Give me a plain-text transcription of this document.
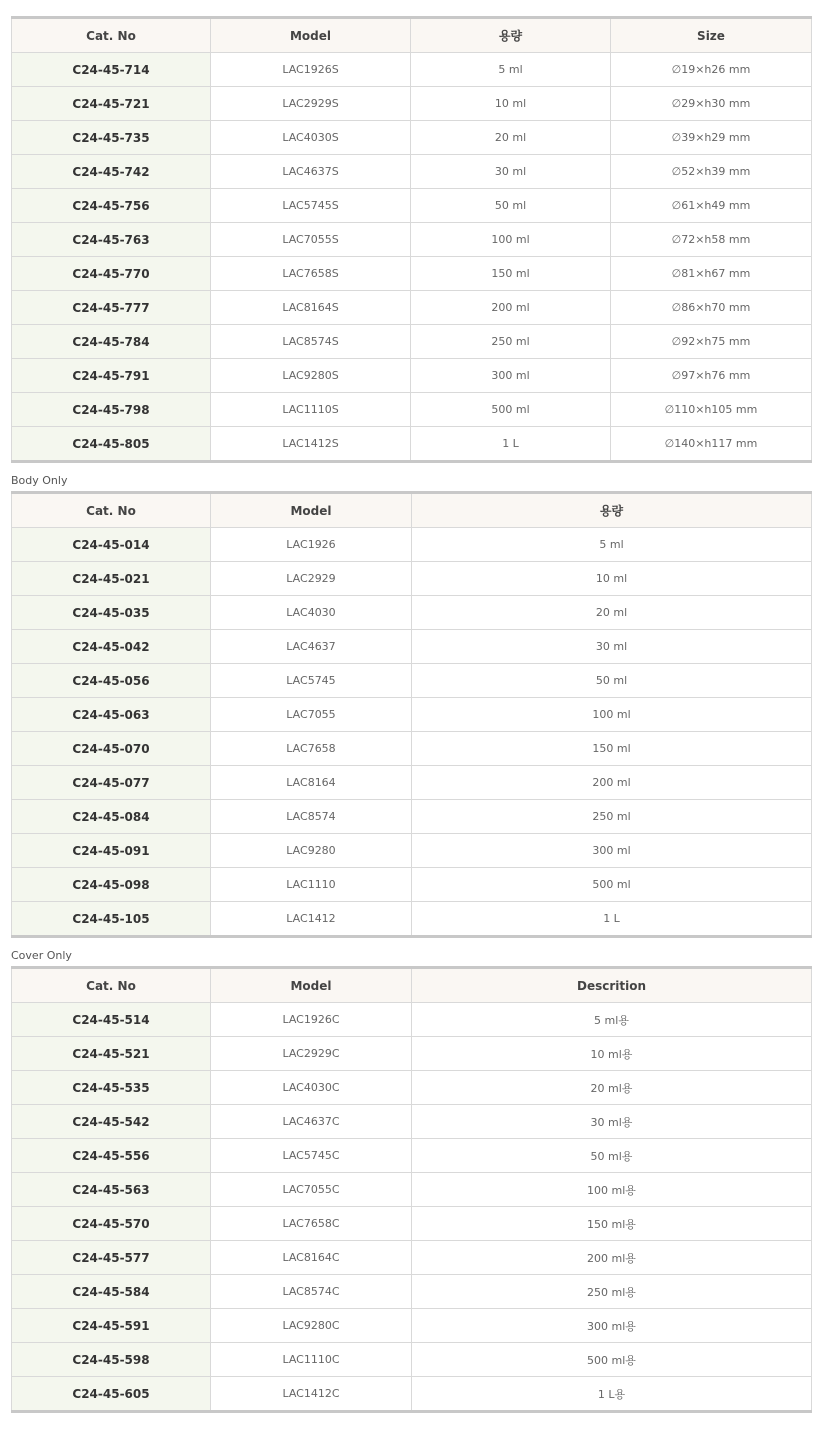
Cat. No	Model	용량	Size
C24-45-714	LAC1926S	5 ml	∅19×h26 mm
C24-45-721	LAC2929S	10 ml	∅29×h30 mm
C24-45-735	LAC4030S	20 ml	∅39×h29 mm
C24-45-742	LAC4637S	30 ml	∅52×h39 mm
C24-45-756	LAC5745S	50 ml	∅61×h49 mm
C24-45-763	LAC7055S	100 ml	∅72×h58 mm
C24-45-770	LAC7658S	150 ml	∅81×h67 mm
C24-45-777	LAC8164S	200 ml	∅86×h70 mm
C24-45-784	LAC8574S	250 ml	∅92×h75 mm
C24-45-791	LAC9280S	300 ml	∅97×h76 mm
C24-45-798	LAC1110S	500 ml	∅110×h105 mm
C24-45-805	LAC1412S	1 L	∅140×h117 mm
Body Only
Cat. No	Model	용량
C24-45-014	LAC1926	5 ml
C24-45-021	LAC2929	10 ml
C24-45-035	LAC4030	20 ml
C24-45-042	LAC4637	30 ml
C24-45-056	LAC5745	50 ml
C24-45-063	LAC7055	100 ml
C24-45-070	LAC7658	150 ml
C24-45-077	LAC8164	200 ml
C24-45-084	LAC8574	250 ml
C24-45-091	LAC9280	300 ml
C24-45-098	LAC1110	500 ml
C24-45-105	LAC1412	1 L
Cover Only
Cat. No	Model	Descrition
C24-45-514	LAC1926C	5 ml용
C24-45-521	LAC2929C	10 ml용
C24-45-535	LAC4030C	20 ml용
C24-45-542	LAC4637C	30 ml용
C24-45-556	LAC5745C	50 ml용
C24-45-563	LAC7055C	100 ml용
C24-45-570	LAC7658C	150 ml용
C24-45-577	LAC8164C	200 ml용
C24-45-584	LAC8574C	250 ml용
C24-45-591	LAC9280C	300 ml용
C24-45-598	LAC1110C	500 ml용
C24-45-605	LAC1412C	1 L용
